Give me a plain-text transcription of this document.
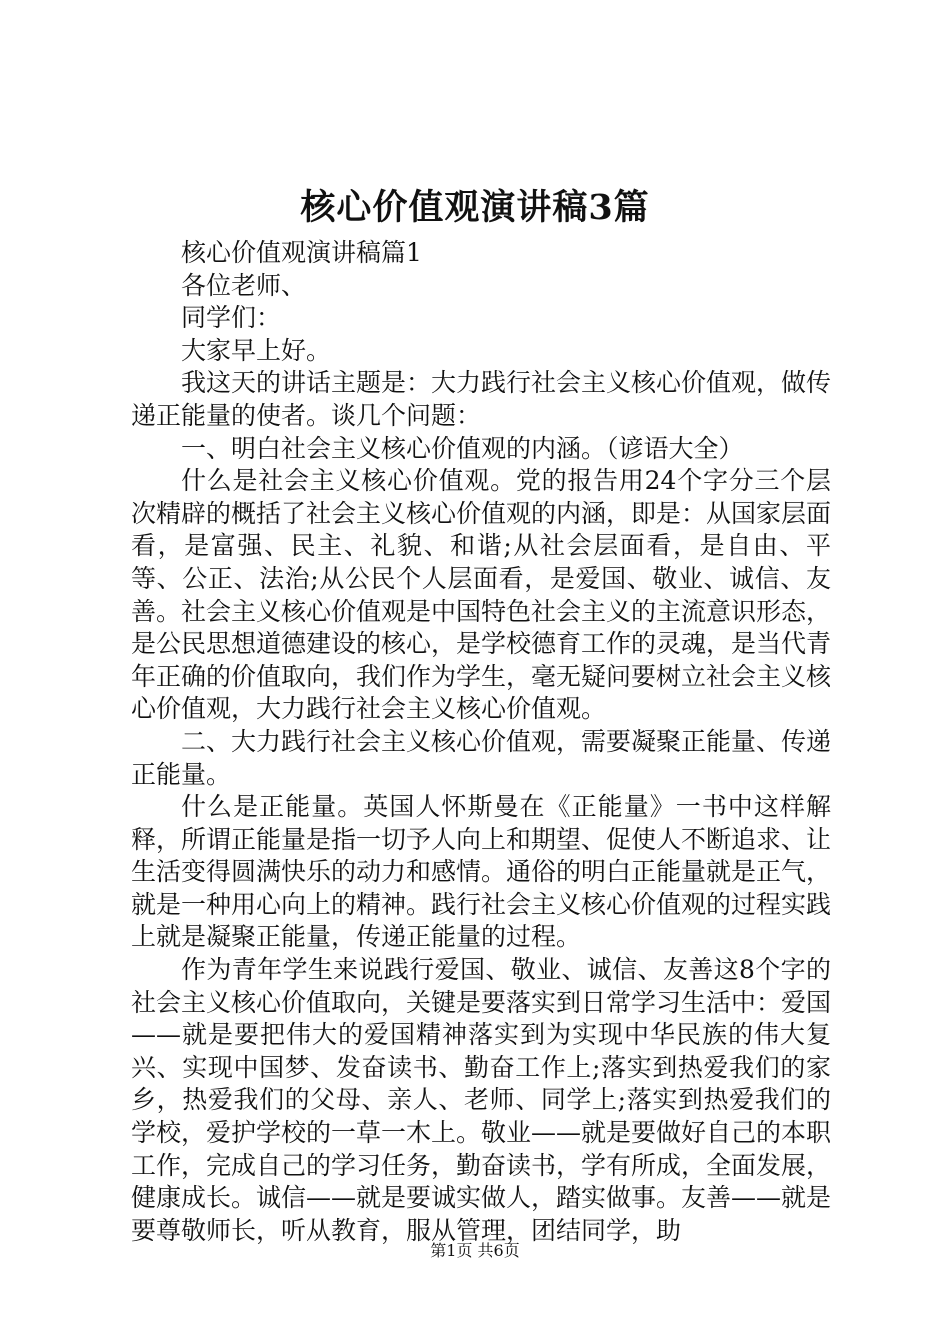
核心价值观演讲稿3篇

核心价值观演讲稿篇1

各位老师、

同学们：

大家早上好。

我这天的讲话主题是：大力践行社会主义核心价值观，做传递正能量的使者。谈几个问题：

一、明白社会主义核心价值观的内涵。（谚语大全）

什么是社会主义核心价值观。党的报告用24个字分三个层次精辟的概括了社会主义核心价值观的内涵，即是：从国家层面看，是富强、民主、礼貌、和谐;从社会层面看，是自由、平等、公正、法治;从公民个人层面看，是爱国、敬业、诚信、友善。社会主义核心价值观是中国特色社会主义的主流意识形态，是公民思想道德建设的核心，是学校德育工作的灵魂，是当代青年正确的价值取向，我们作为学生，毫无疑问要树立社会主义核心价值观，大力践行社会主义核心价值观。

二、大力践行社会主义核心价值观，需要凝聚正能量、传递正能量。

什么是正能量。英国人怀斯曼在《正能量》一书中这样解释，所谓正能量是指一切予人向上和期望、促使人不断追求、让生活变得圆满快乐的动力和感情。通俗的明白正能量就是正气，就是一种用心向上的精神。践行社会主义核心价值观的过程实践上就是凝聚正能量，传递正能量的过程。

作为青年学生来说践行爱国、敬业、诚信、友善这8个字的社会主义核心价值取向，关键是要落实到日常学习生活中：爱国——就是要把伟大的爱国精神落实到为实现中华民族的伟大复兴、实现中国梦、发奋读书、勤奋工作上;落实到热爱我们的家乡，热爱我们的父母、亲人、老师、同学上;落实到热爱我们的学校，爱护学校的一草一木上。敬业——就是要做好自己的本职工作，完成自己的学习任务，勤奋读书，学有所成，全面发展，健康成长。诚信——就是要诚实做人，踏实做事。友善——就是要尊敬师长，听从教育，服从管理，团结同学，助

第1页 共6页
